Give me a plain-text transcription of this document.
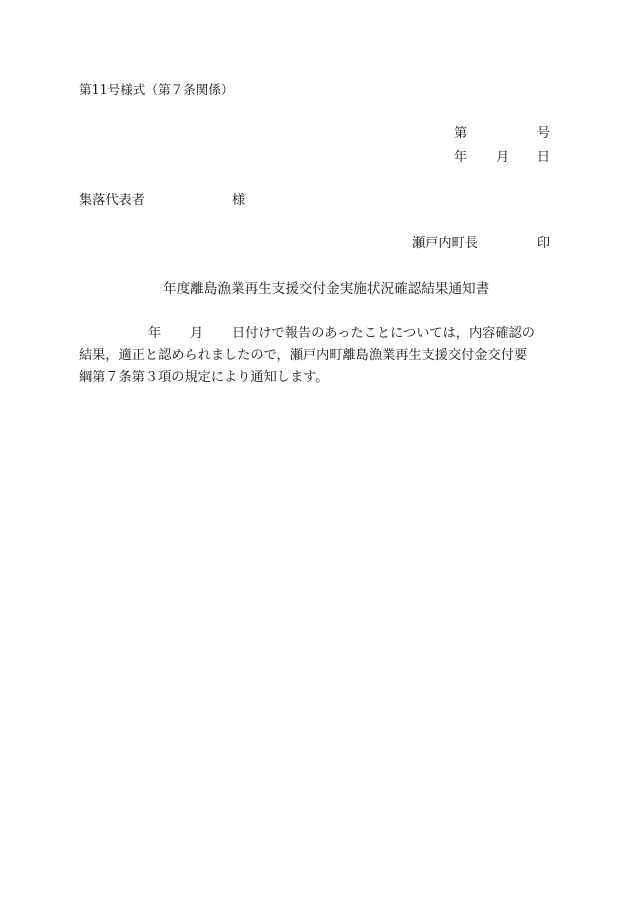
第11号様式（第７条関係）
第	号
年 月 日
集落代表者	様
瀬戸内町長	印
年度離島漁業再生支援交付金実施状況確認結果通知書
年 月 日付けで報告のあったことについては，内容確認の
結果，適正と認められましたので，瀬戸内町離島漁業再生支援交付金交付要
綱第７条第３項の規定により通知します。
